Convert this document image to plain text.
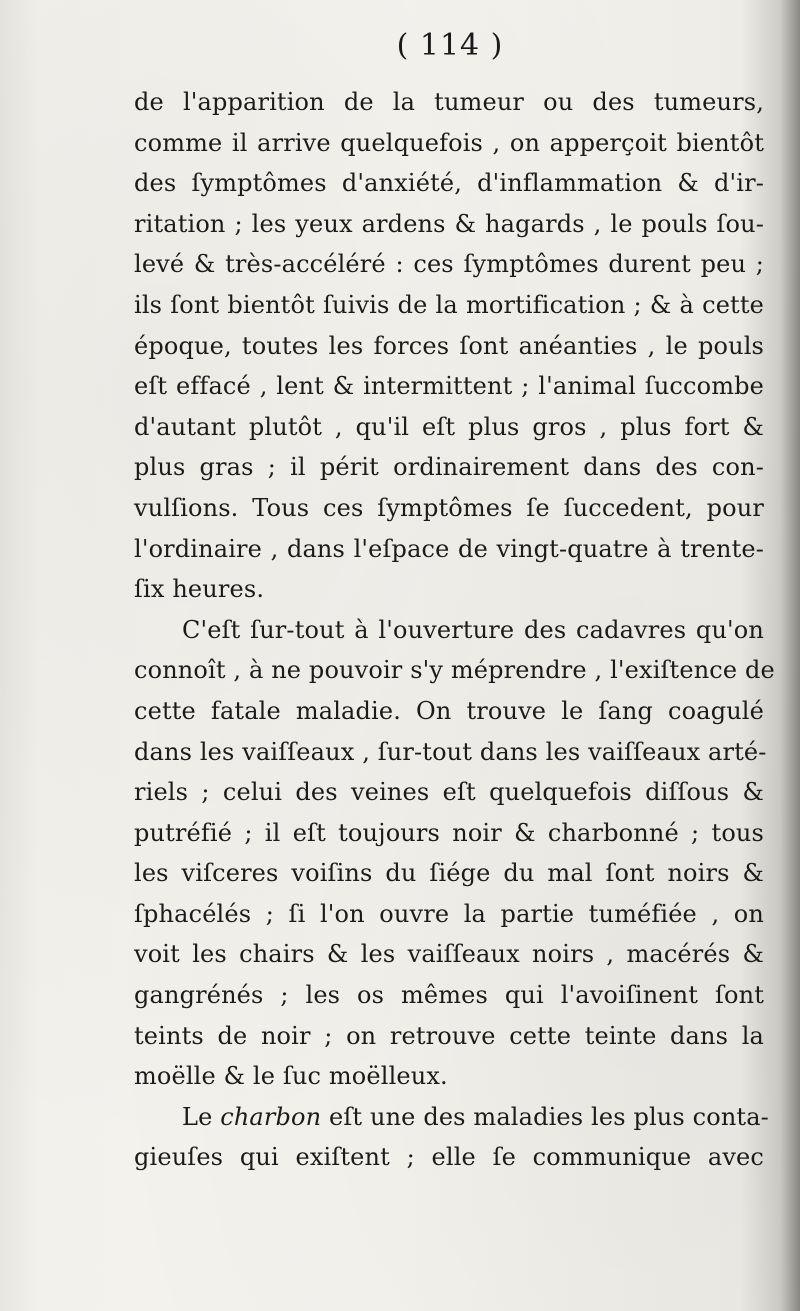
( 114 )
de l'apparition de la tumeur ou des tumeurs,
comme il arrive quelquefois , on apperçoit bientôt
des ſymptômes d'anxiété, d'inflammation & d'ir-
ritation ; les yeux ardens & hagards , le pouls ſou-
levé & très-accéléré : ces ſymptômes durent peu ;
ils ſont bientôt ſuivis de la mortification ; & à cette
époque, toutes les forces ſont anéanties , le pouls
eſt effacé , lent & intermittent ; l'animal ſuccombe
d'autant plutôt , qu'il eſt plus gros , plus fort &
plus gras ; il périt ordinairement dans des con-
vulſions. Tous ces ſymptômes ſe ſuccedent, pour
l'ordinaire , dans l'eſpace de vingt-quatre à trente-
ſix heures.
C'eſt ſur-tout à l'ouverture des cadavres qu'on
connoît , à ne pouvoir s'y méprendre , l'exiſtence de
cette fatale maladie. On trouve le ſang coagulé
dans les vaiſſeaux , ſur-tout dans les vaiſſeaux arté-
riels ; celui des veines eſt quelquefois diſſous &
putréfié ; il eſt toujours noir & charbonné ; tous
les viſceres voiſins du ſiége du mal ſont noirs &
ſphacélés ; ſi l'on ouvre la partie tuméfiée , on
voit les chairs & les vaiſſeaux noirs , macérés &
gangrénés ; les os mêmes qui l'avoiſinent ſont
teints de noir ; on retrouve cette teinte dans la
moëlle & le ſuc moëlleux.
Le charbon eſt une des maladies les plus conta-
gieuſes qui exiſtent ; elle ſe communique avec
